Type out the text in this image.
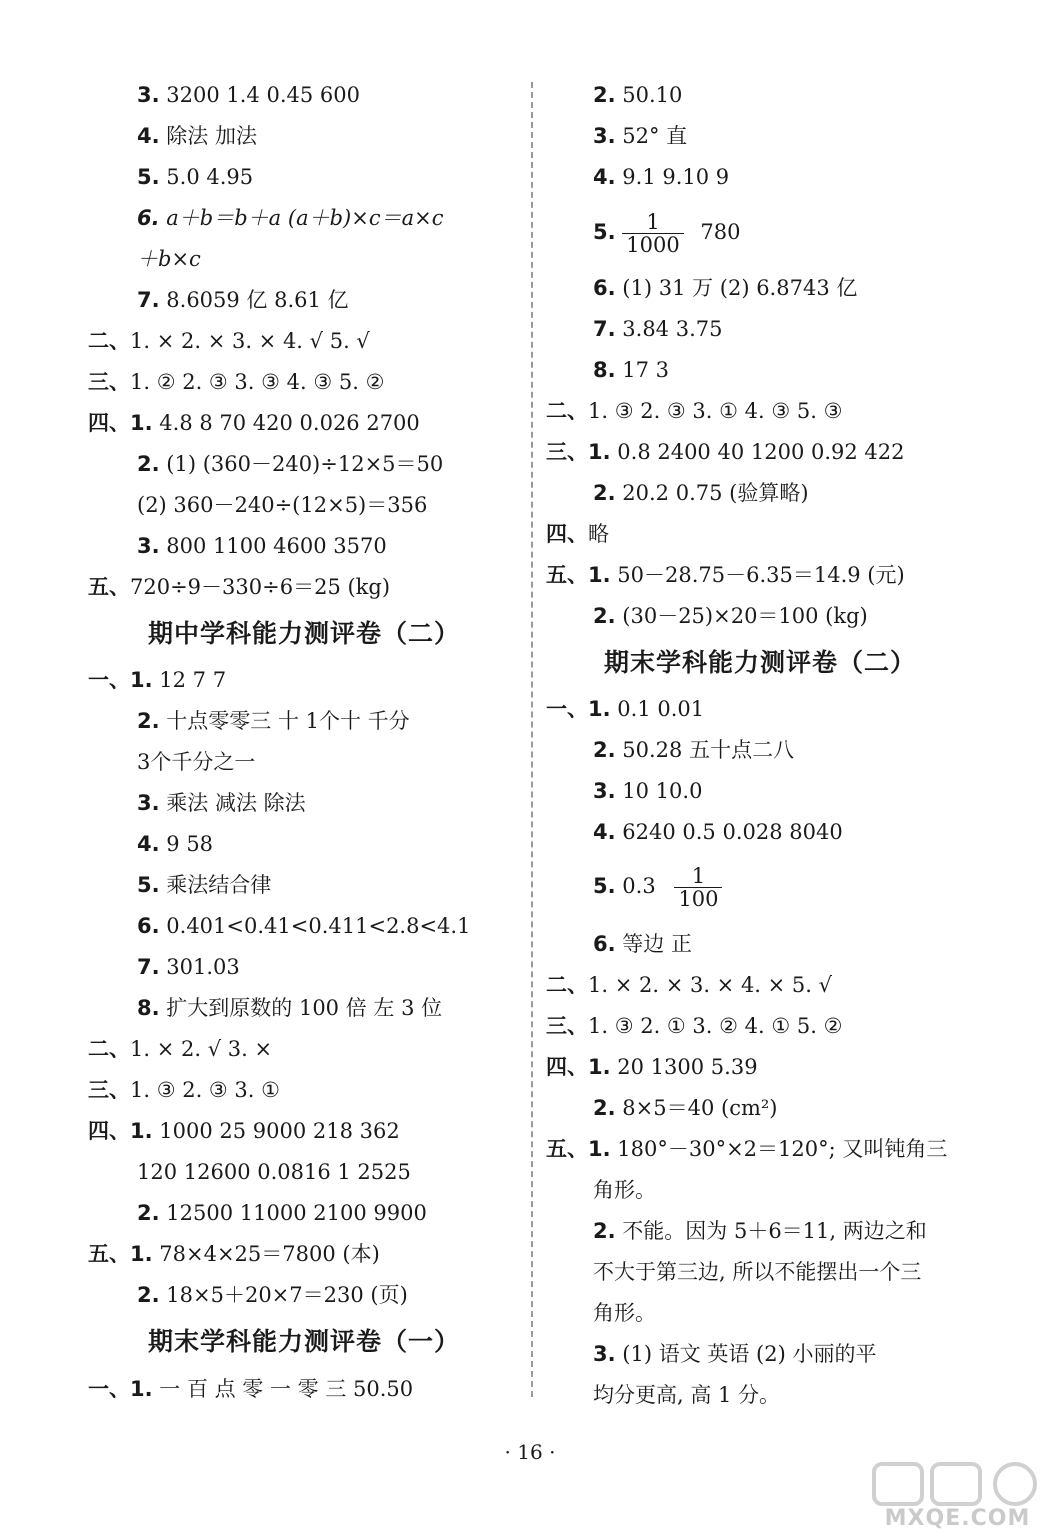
3. 3200 1.4 0.45 600
4. 除法 加法
5. 5.0 4.95
6. a＋b＝b＋a (a＋b)×c＝a×c
＋b×c
7. 8.6059 亿 8.61 亿
二、1. × 2. × 3. × 4. √ 5. √
三、1. ② 2. ③ 3. ③ 4. ③ 5. ②
四、1. 4.8 8 70 420 0.026 2700
2. (1) (360－240)÷12×5＝50
(2) 360－240÷(12×5)＝356
3. 800 1100 4600 3570
五、720÷9－330÷6＝25 (kg)
期中学科能力测评卷（二）
一、1. 12 7 7
2. 十点零零三 十 1个十 千分
3个千分之一
3. 乘法 减法 除法
4. 9 58
5. 乘法结合律
6. 0.401<0.41<0.411<2.8<4.1
7. 301.03
8. 扩大到原数的 100 倍 左 3 位
二、1. × 2. √ 3. ×
三、1. ③ 2. ③ 3. ①
四、1. 1000 25 9000 218 362
120 12600 0.0816 1 2525
2. 12500 11000 2100 9900
五、1. 78×4×25＝7800 (本)
2. 18×5＋20×7＝230 (页)
期末学科能力测评卷（一）
一、1. 一 百 点 零 一 零 三 50.50
2. 50.10
3. 52° 直
4. 9.1 9.10 9
5. $\frac{1}{1000} 780$
6. (1) 31 万 (2) 6.8743 亿
7. 3.84 3.75
8. 17 3
二、1. ③ 2. ③ 3. ① 4. ③ 5. ③
三、1. 0.8 2400 40 1200 0.92 422
2. 20.2 0.75 (验算略)
四、略
五、1. 50－28.75－6.35＝14.9 (元)
2. (30－25)×20＝100 (kg)
期末学科能力测评卷（二）
一、1. 0.1 0.01
2. 50.28 五十点二八
3. 10 10.0
4. 6240 0.5 0.028 8040
5. $0.3 \frac{1}{100}$
6. 等边 正
二、1. × 2. × 3. × 4. × 5. √
三、1. ③ 2. ① 3. ② 4. ① 5. ②
四、1. 20 1300 5.39
2. 8×5＝40 (cm²)
五、1. 180°－30°×2＝120°; 又叫钝角三
角形。
2. 不能。因为 5＋6＝11, 两边之和
不大于第三边, 所以不能摆出一个三
角形。
3. (1) 语文 英语 (2) 小丽的平
均分更高, 高 1 分。
· 16 ·
MXQE.COM
